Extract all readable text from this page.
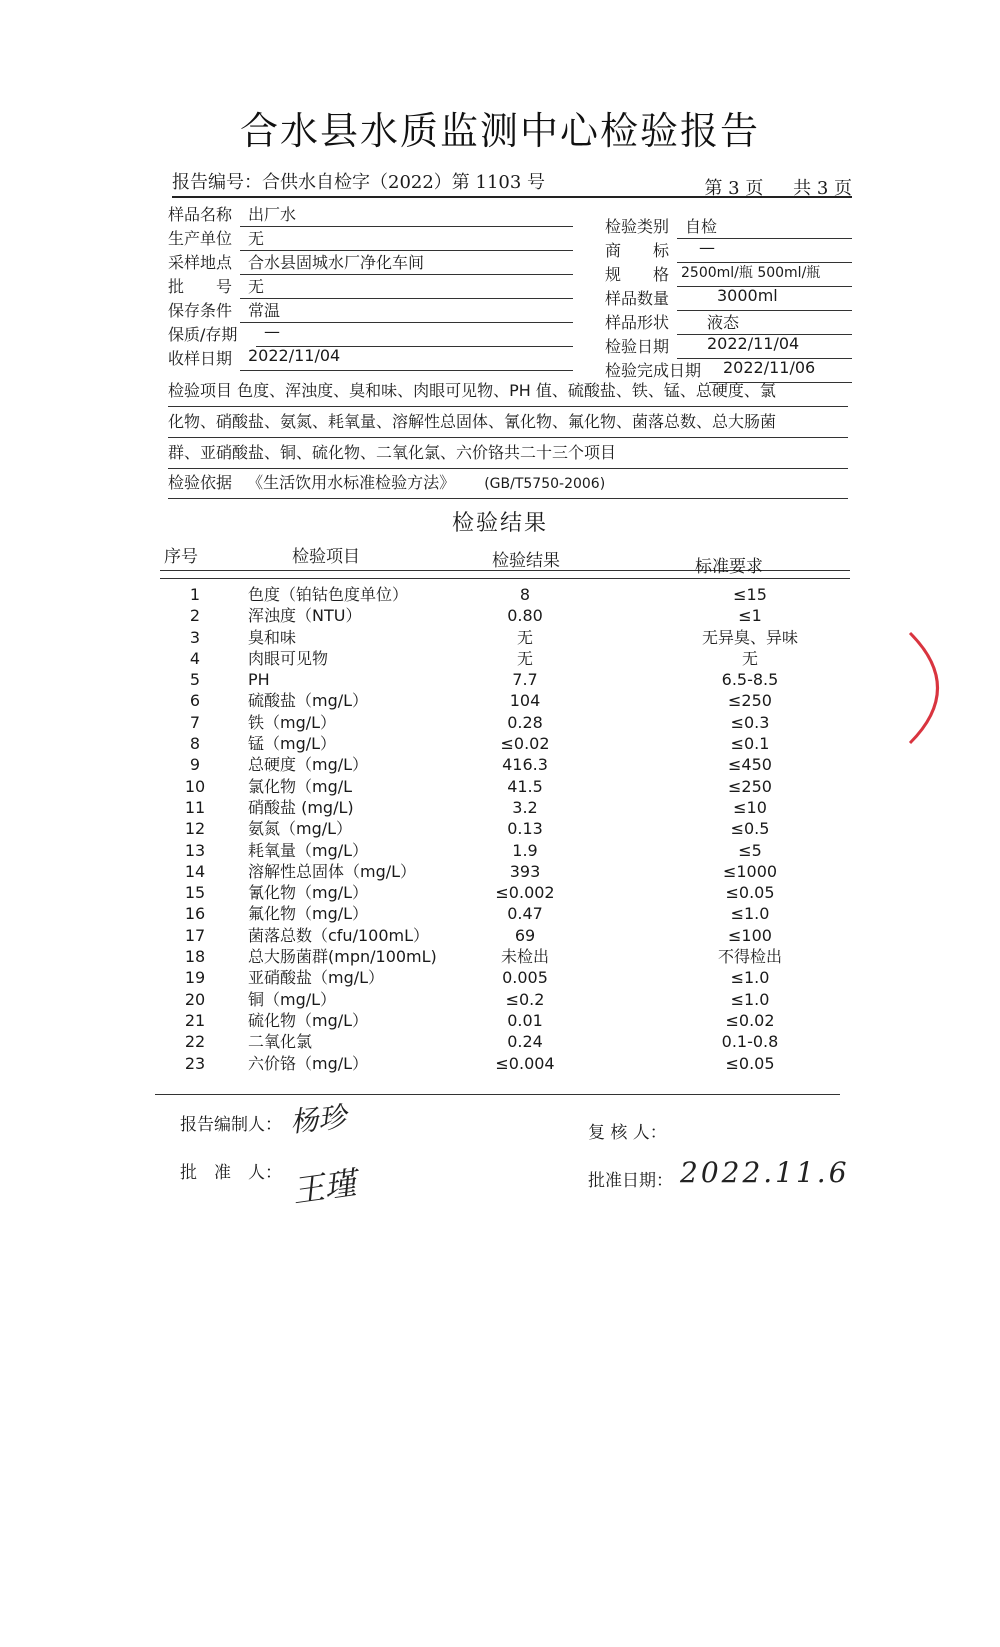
合水县水质监测中心检验报告
报告编号：合供水自检字（2022）第 1103 号	第 3 页 共 3 页
样品名称 出厂水
生产单位 无
采样地点 合水县固城水厂净化车间
批　　号 无
保存条件 常温
保质/存期	—
收样日期 2022/11/04
检验类别 自检
商　　标	—
规　　格 2500ml/瓶 500ml/瓶
样品数量	3000ml
样品形状	液态
检验日期	2022/11/04
检验完成日期	2022/11/06
检验项目 色度、浑浊度、臭和味、肉眼可见物、PH 值、硫酸盐、铁、锰、总硬度、氯
化物、硝酸盐、氨氮、耗氧量、溶解性总固体、氰化物、氟化物、菌落总数、总大肠菌
群、亚硝酸盐、铜、硫化物、二氧化氯、六价铬共二十三个项目
检验依据 《生活饮用水标准检验方法》 (GB/T5750-2006)
检验结果
序号	检验项目	检验结果	标准要求
1	色度（铂钴色度单位）	8	≤15
2	浑浊度（NTU）	0.80	≤1
3	臭和味	无	无异臭、异味
4	肉眼可见物	无	无
5	PH	7.7	6.5-8.5
6	硫酸盐（mg/L）	104	≤250
7	铁（mg/L）	0.28	≤0.3
8	锰（mg/L）	≤0.02	≤0.1
9	总硬度（mg/L）	416.3	≤450
10	氯化物（mg/L	41.5	≤250
11	硝酸盐 (mg/L)	3.2	≤10
12	氨氮（mg/L）	0.13	≤0.5
13	耗氧量（mg/L）	1.9	≤5
14	溶解性总固体（mg/L）	393	≤1000
15	氰化物（mg/L）	≤0.002	≤0.05
16	氟化物（mg/L）	0.47	≤1.0
17	菌落总数（cfu/100mL）	69	≤100
18	总大肠菌群(mpn/100mL)	未检出	不得检出
19	亚硝酸盐（mg/L）	0.005	≤1.0
20	铜（mg/L）	≤0.2	≤1.0
21	硫化物（mg/L）	0.01	≤0.02
22	二氧化氯	0.24	0.1-0.8
23	六价铬（mg/L）	≤0.004	≤0.05
报告编制人： 杨珍	复 核 人：
批　准　人： 王瑾	批准日期： 2022.11.6
